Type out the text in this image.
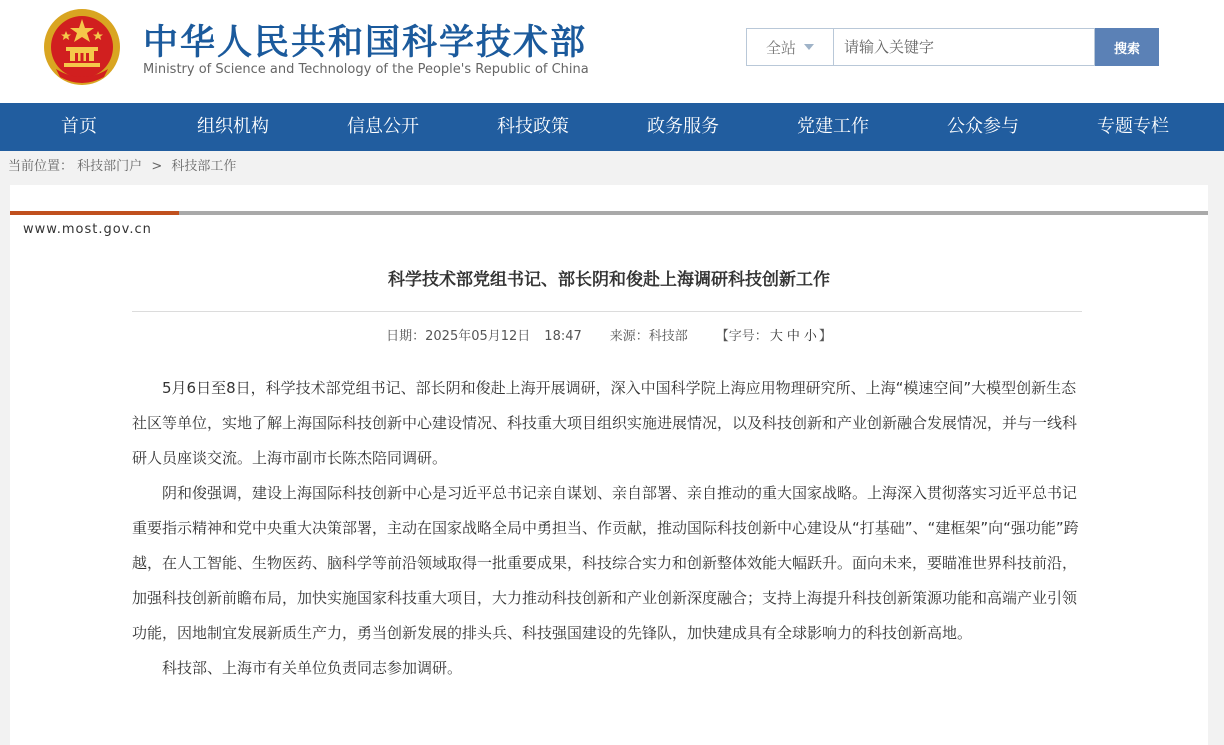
中华人民共和国科学技术部
Ministry of Science and Technology of the People's Republic of China
全站
请输入关键字	搜索
首页	组织机构	信息公开	科技政策	政务服务	党建工作	公众参与	专题专栏
当前位置： 科技部门户 > 科技部工作
www.most.gov.cn
科学技术部党组书记、部长阴和俊赴上海调研科技创新工作
日期：2025年05月12日 18:47 来源：科技部 【字号： 大 中 小 】

5月6日至8日，科学技术部党组书记、部长阴和俊赴上海开展调研，深入中国科学院上海应用物理研究所、上海“模速空间”大模型创新生态社区等单位，实地了解上海国际科技创新中心建设情况、科技重大项目组织实施进展情况，以及科技创新和产业创新融合发展情况，并与一线科研人员座谈交流。上海市副市长陈杰陪同调研。

阴和俊强调，建设上海国际科技创新中心是习近平总书记亲自谋划、亲自部署、亲自推动的重大国家战略。上海深入贯彻落实习近平总书记重要指示精神和党中央重大决策部署，主动在国家战略全局中勇担当、作贡献，推动国际科技创新中心建设从“打基础”、“建框架”向“强功能”跨越，在人工智能、生物医药、脑科学等前沿领域取得一批重要成果，科技综合实力和创新整体效能大幅跃升。面向未来，要瞄准世界科技前沿，加强科技创新前瞻布局，加快实施国家科技重大项目，大力推动科技创新和产业创新深度融合；支持上海提升科技创新策源功能和高端产业引领功能，因地制宜发展新质生产力，勇当创新发展的排头兵、科技强国建设的先锋队，加快建成具有全球影响力的科技创新高地。

科技部、上海市有关单位负责同志参加调研。
